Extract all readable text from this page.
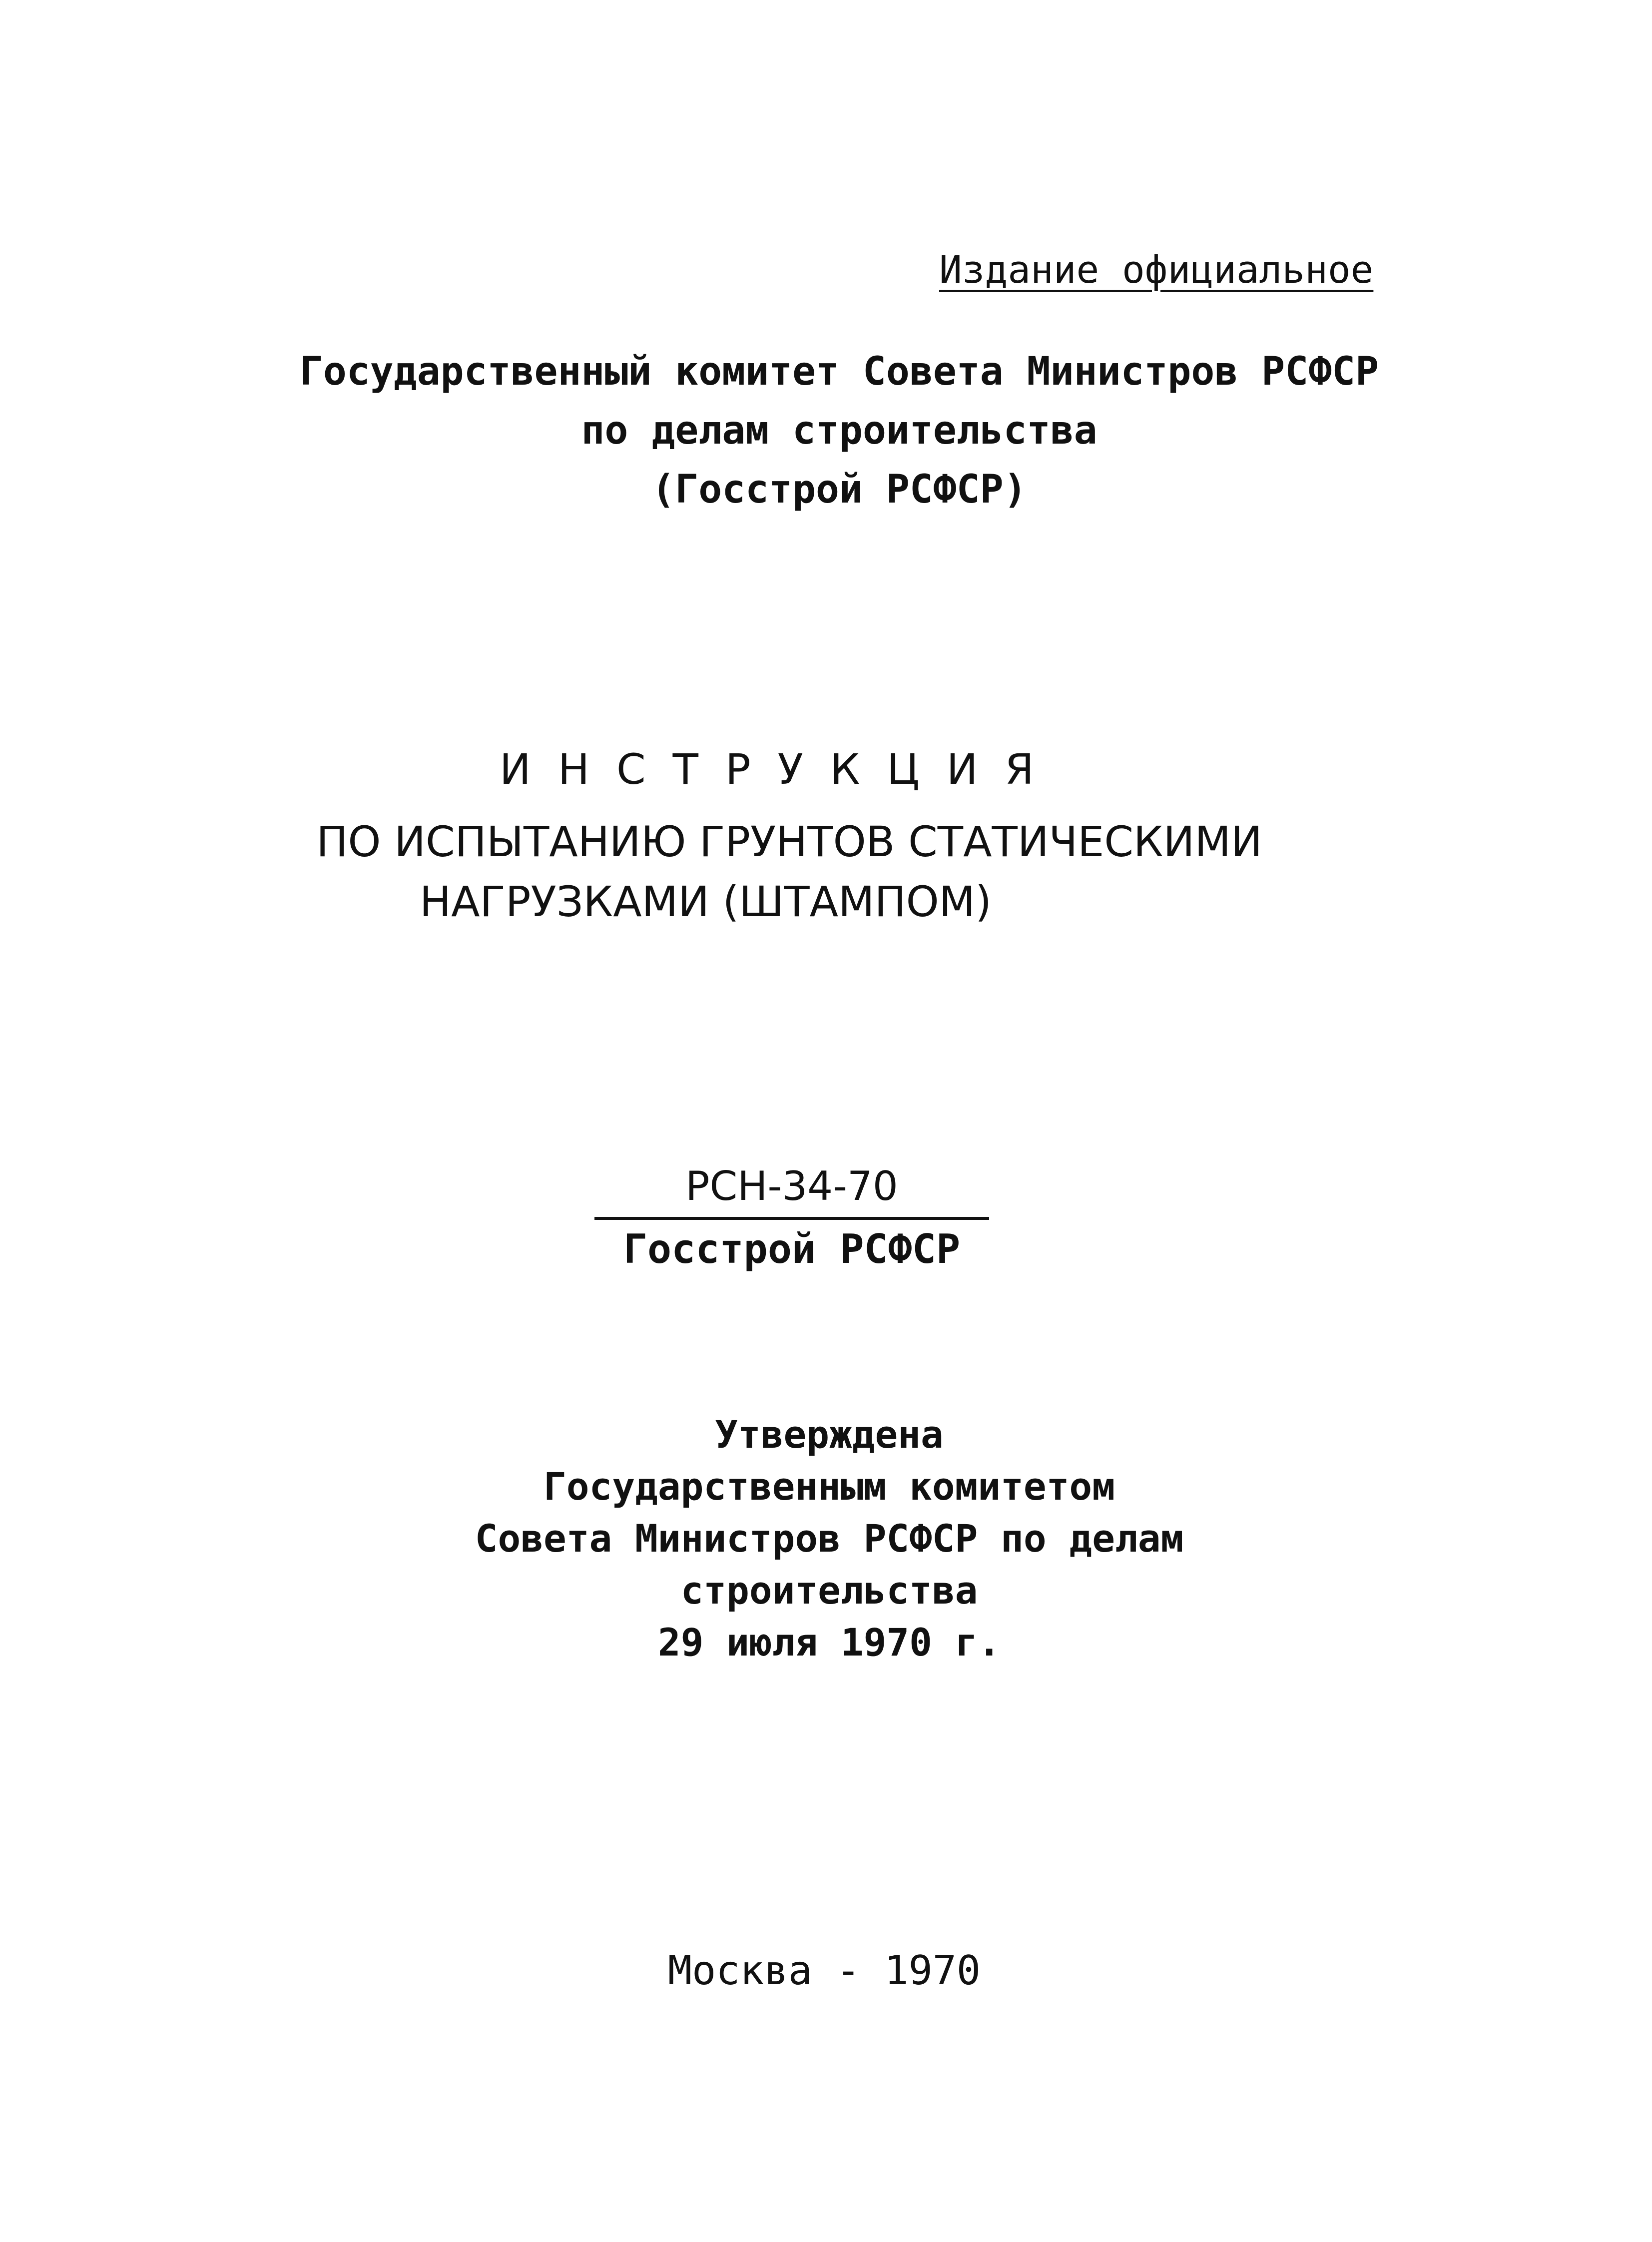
Издание официальное
Государственный комитет Совета Министров РСФСР
по делам строительства
(Госстрой РСФСР)
ИНСТРУКЦИЯ
ПО ИСПЫТАНИЮ ГРУНТОВ СТАТИЧЕСКИМИ
НАГРУЗКАМИ (ШТАМПОМ)
РСН-34-70
Госстрой РСФСР
Утверждена
Государственным комитетом
Совета Министров РСФСР по делам
строительства
29 июля 1970 г.
Москва - 1970
